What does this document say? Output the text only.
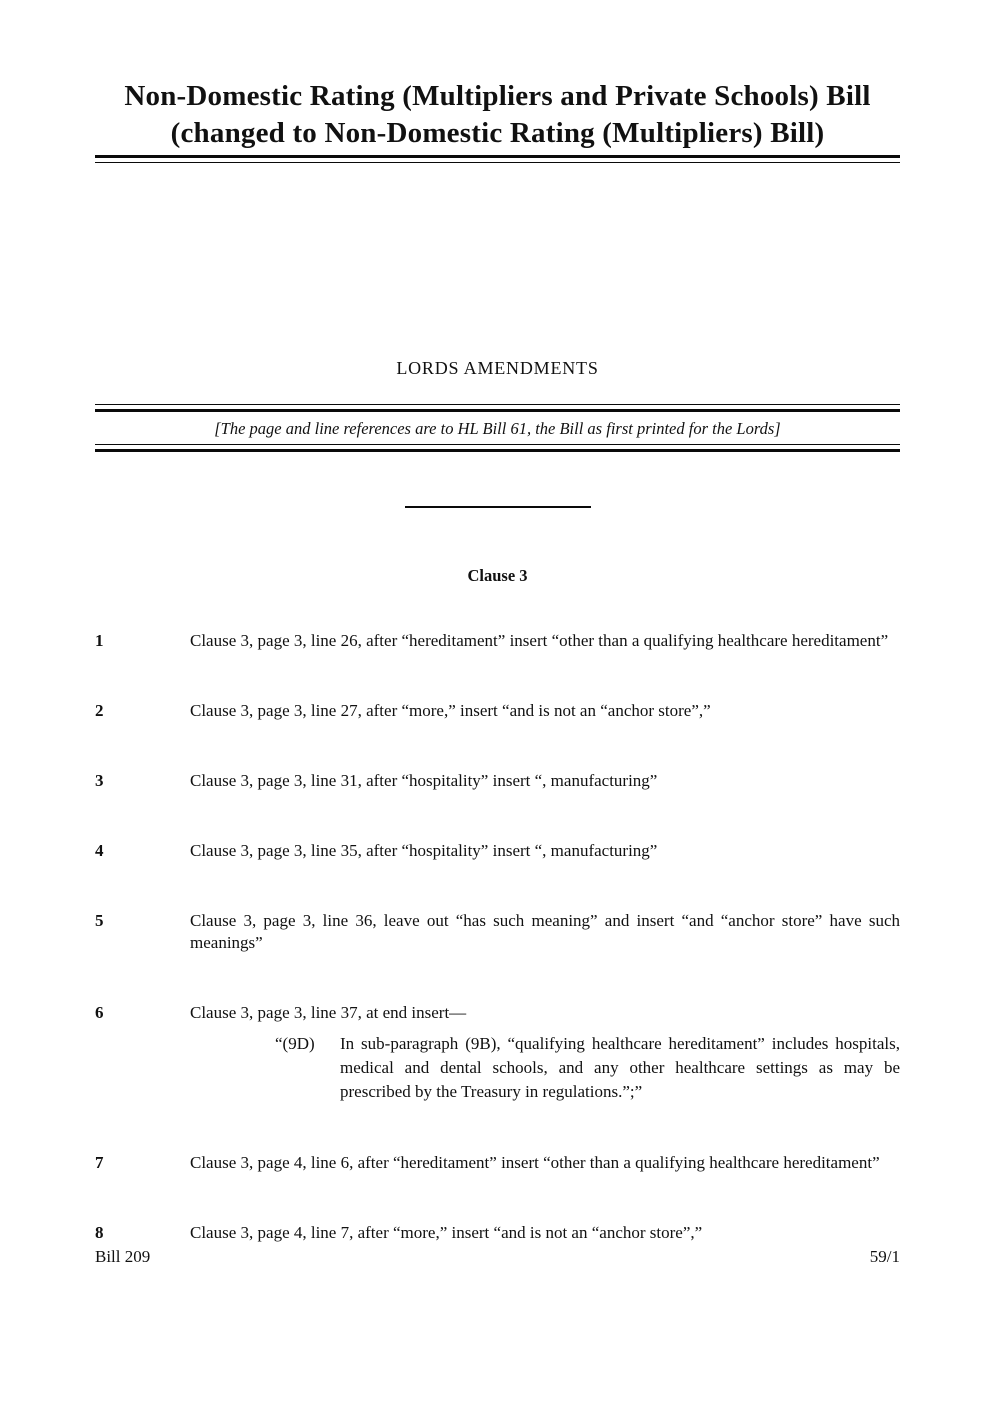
Non-Domestic Rating (Multipliers and Private Schools) Bill
(changed to Non-Domestic Rating (Multipliers) Bill)
LORDS AMENDMENTS
[The page and line references are to HL Bill 61, the Bill as first printed for the Lords]
Clause 3
1	Clause 3, page 3, line 26, after “hereditament” insert “other than a qualifying healthcare hereditament”
2	Clause 3, page 3, line 27, after “more,” insert “and is not an “anchor store”,”
3	Clause 3, page 3, line 31, after “hospitality” insert “, manufacturing”
4	Clause 3, page 3, line 35, after “hospitality” insert “, manufacturing”
5	Clause 3, page 3, line 36, leave out “has such meaning” and insert “and “anchor store” have such meanings”
6	Clause 3, page 3, line 37, at end insert—
“(9D)	In sub-paragraph (9B), “qualifying healthcare hereditament” includes hospitals, medical and dental schools, and any other healthcare settings as may be prescribed by the Treasury in regulations.”;”
7	Clause 3, page 4, line 6, after “hereditament” insert “other than a qualifying healthcare hereditament”
8	Clause 3, page 4, line 7, after “more,” insert “and is not an “anchor store”,”
Bill 209	59/1
